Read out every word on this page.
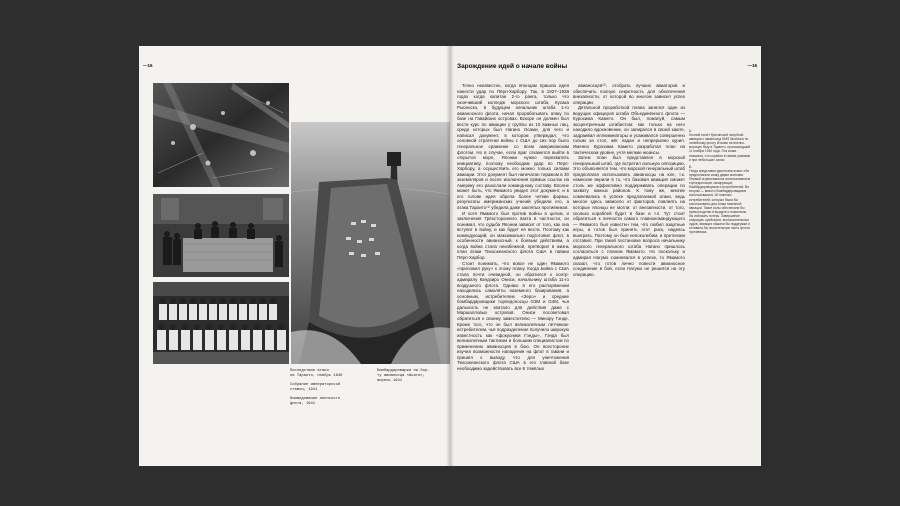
—16

Последствия атаки
на Таранто, ноябрь 1940

Собрание императорской
ставки, 1941

Командование японского
флота, 1941

Бомбардировщики на бор-
ту авианосца «Акаги»,
апрель 1941

—16
Зарождение идей о начале войны

Точно неизвестно, когда японцам пришла идея нанести удар по Пёрл-Харбору. Так, в 1927–1928 годах когда капитан 2-го ранга, только что окончивший колледж морского штаба, Кусака Рьюноскэ, в будущем начальник штаба 1-го авианосного флота, начал прорабатывать атаку по базе на Гавайских островах. Вскоре он должен был вести курс по авиации у группы из 10 важных лиц, среди которых был Нагано Осами, для чего и написал документ, в котором утверждал, что основной стратегии войны с США до сих пор было генеральное сражение со всем американским флотом. Но в случае, если враг откажется выйти в открытое море, Японии нужно перехватить инициативу, поэтому необходим удар по Пёрл-Харбору, а осуществить его можно только силами авиации. Этот документ был напечатан тиражом в 30 экземпляров и после исключения прямых ссылок на Америку его разослали командному составу. Вполне может быть, что Ямамото увидел этот документ, и в его голове идея обрела более четкие формы, результаты американских учений убедили его, а атака Таранто⁽¹⁾ убедила даже заклятых противников.

И хотя Ямамото был против войны в целом, и заключения Трёхстороннего пакта в частности, он понимал, что судьба Японии зависит от того, как она вступит в войну, и как будет её вести. Поэтому как командующий, он максимально подготовил флот, в особенности авианосный, к боевым действиям, а когда война стала неизбежной, претворил в жизнь план атаки Тихоокеанского флота США в гавани Пёрл-Харбор.

Стоит понимать, что вовсе не один Ямамото «приложил руку» к этому плану. Когда война с США стала почти очевидной, он обратился к контр-адмиралу Кандзиро Ониси, начальнику штаба 11-го воздушного флота. Однако в его распоряжении находились самолёты наземного базирования, а основным, истребителем «Зеро» и средние бомбардировщики торпедоносцы G3M и G4M, чья дальность не хватало для действия даже с Маршалловых островов. Ониси посоветовал обратиться к своему заместителю — Минору Гэнде. Кроме того, что он был великолепным лётчиком-истребителем, чьё подразделение получило широкую известность как «фокусники Гэнды», Гэнда был великолепным тактиком и большим специалистом по применению авианосцев в бою. Он всесторонне изучил возможности нападения на флот в гавани и пришёл к выводу, что для уничтожения Тихоокеанского флота США в его главной базе необходимо задействовать все 6 тяжёлых

авианосцев⁽²⁾, отобрать лучших авиаторов и обеспечить полную секретность для обеспечения внезапности, от которой во многом зависел успех операции.

Детальной проработкой плана занялся один из ведущих офицеров штаба Объединённого флота — Курохима Камето. Он был, пожалуй, самым эксцентричным штабистом: как только на него находило вдохновение, он запирался в своей каюте, задраивал иллюминаторы и усаживался совершенно голым за стол, жёг ладан и непрерывно курил. Именно Курохима Камето разработал план на тактическом уровне, учтя мелкие нюансы.

Затем план был представлен в морской генеральный штаб, где встретил сильную оппозицию. Это объясняется тем, что морской генеральный штаб предполагал использовать авианосцы на юге, т.к. немногие верили в то, что базовая авиация сможет столь же эффективно поддерживать операции по захвату южных районов. К тому же, многие сомневались в успехе предлагаемой атаки, ведь многое здесь зависело от факторов, повлиять на которые японцы не могли: от внезапности, от того, сколько кораблей будет в базе и т.п. Тут стоит обратиться к личности самого главнокомандующего — Ямамото был известен тем, что любил азартные игры, и готов был принять этот риск, надеясь выиграть. Поэтому он был непоколебим, и претензии отставил. При такой постановке вопроса начальнику морского генерального штаба Нагано пришлось согласиться с планом Ямамото. Но поскольку и адмирал Нагумо сомневался в успехе, то Ямамото сказал, что готов лично повести авианосное соединение в бой, если Нагумо не решится на эту операцию.

1.
Ночной налёт британской палубной авиации с авианосца HMS Illustrious по линейному флоту Италии на военно-морскую базу в Таранто, произошедший 11 ноября 1940 года. Эта атака показала, что корабли в гавани уязвимы и при небольших силах.
2.
Гэнда представил два плана атаки: оба предполагали атаку двумя волнами. Первый ограничивался использованием торпедоносцев, пикирующих бомбардировщиков и истребителей. Во втором — вместо бомбардировщиков использовались 16 тяжелых истребителей, которые были бы использованы для атаки наземной авиации. Такие силы обеспечили бы превосходство в воздухе и позволили бы избежать потерь. Завершение операции, крейсеров, вспомогательных судов, авиация лишила бы поддержки и оставила бы значительную часть флота противника.
